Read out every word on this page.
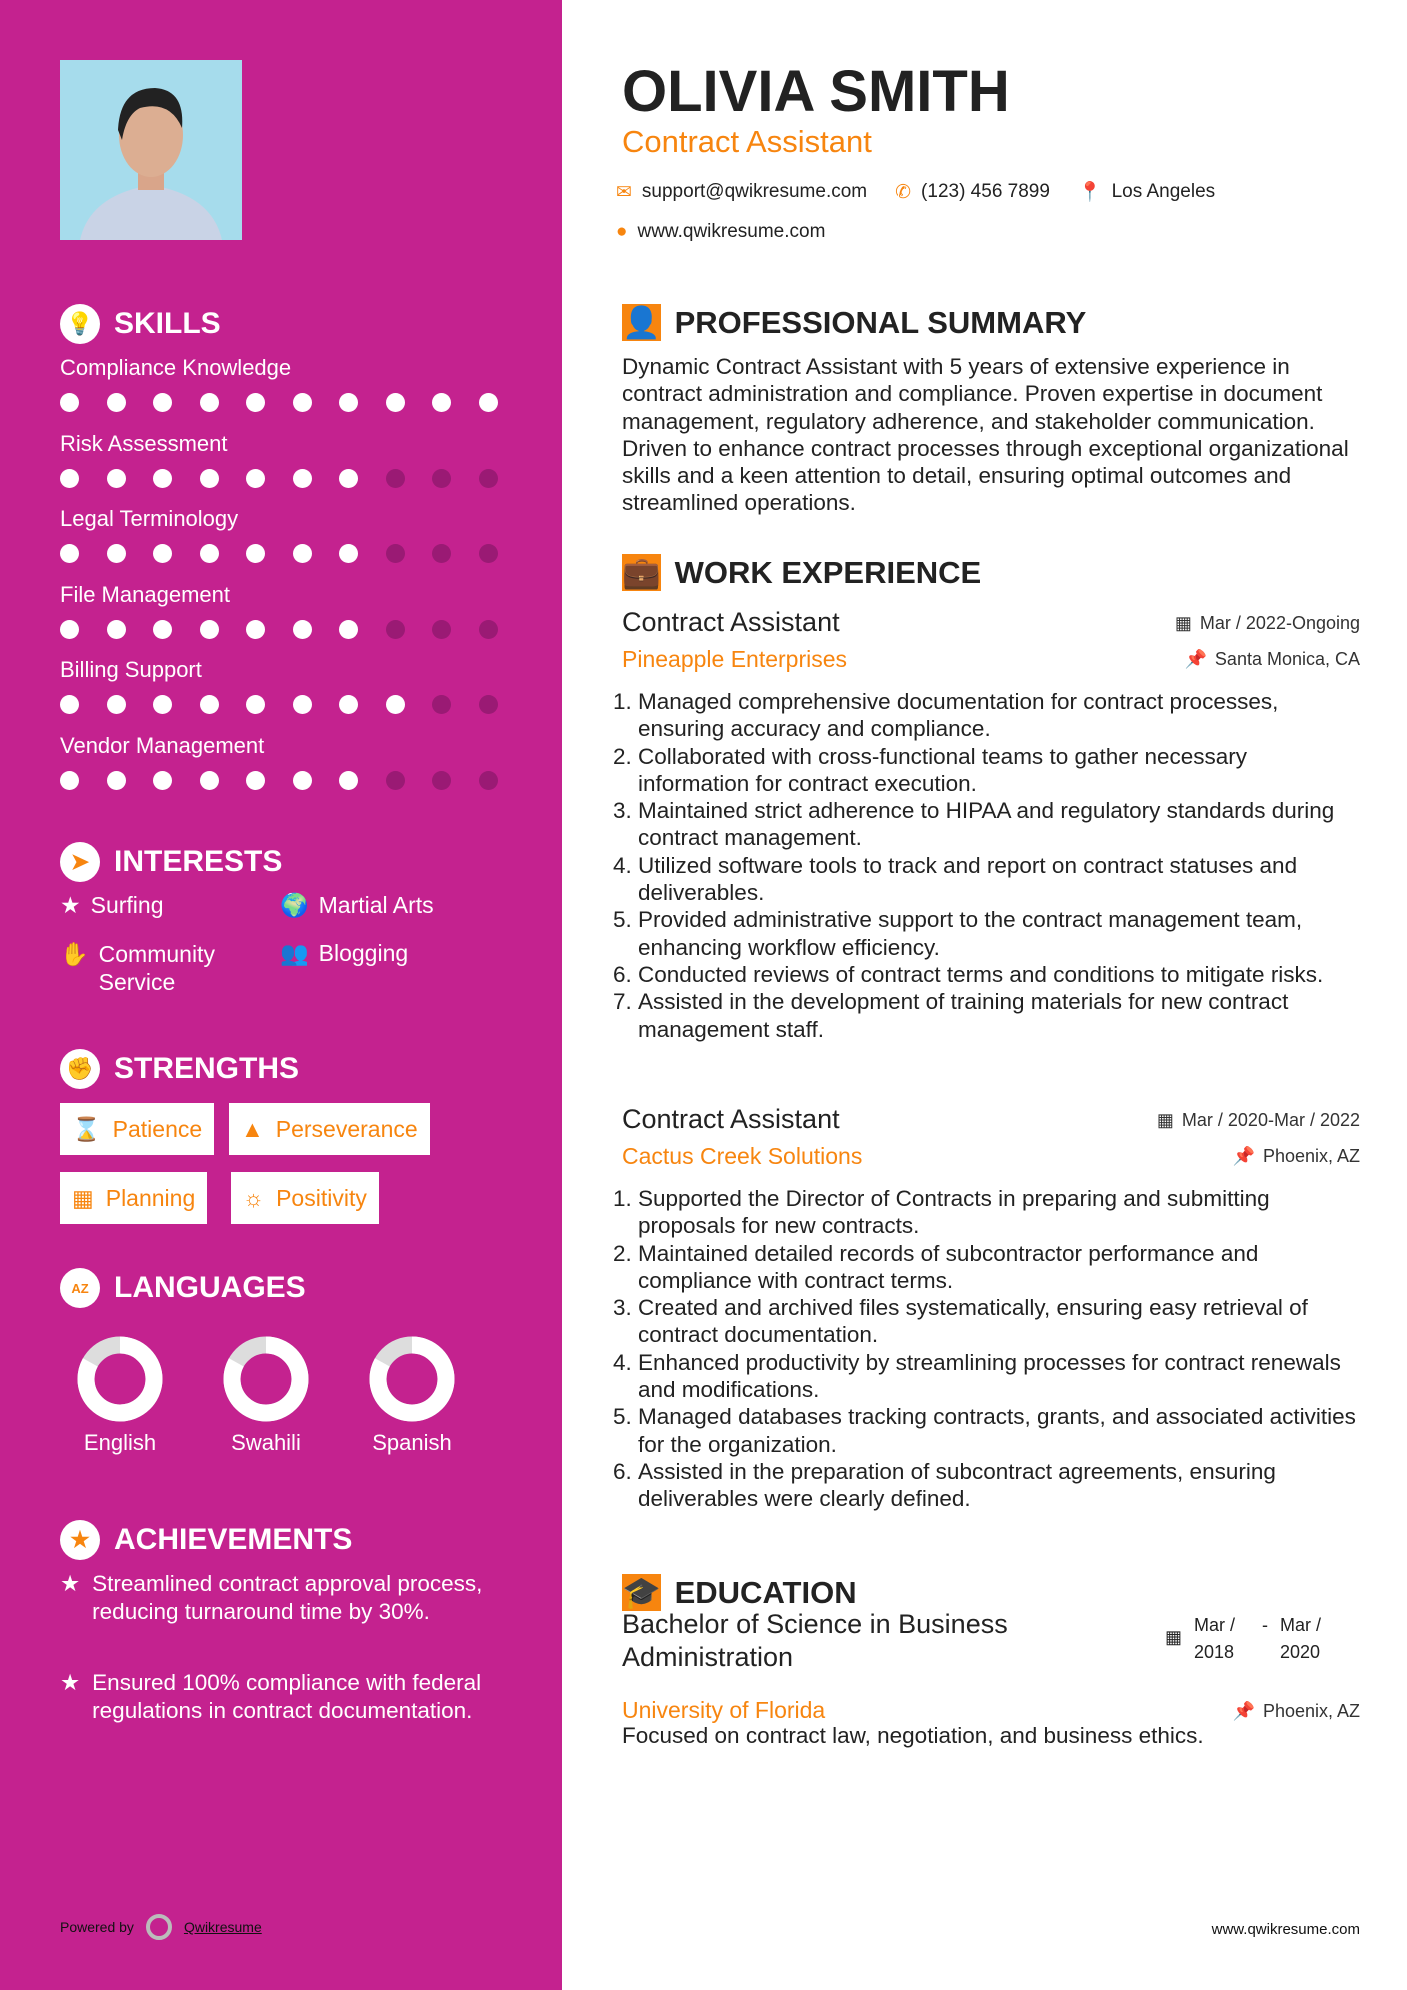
💡 SKILLS
Compliance Knowledge
Risk Assessment
Legal Terminology
File Management
Billing Support
Vendor Management
➤ INTERESTS
★ Surfing	🌍 Martial Arts
✋ Community Service
👥 Blogging
✊ STRENGTHS
⌛ Patience ▲ Perseverance
▦ Planning ☼ Positivity
AZ LANGUAGES
English	Swahili	Spanish
★ ACHIEVEMENTS
★ Streamlined contract approval process, reducing turnaround time by 30%.
★ Ensured 100% compliance with federal regulations in contract documentation.
Powered by	Qwikresume
OLIVIA SMITH
Contract Assistant
✉ support@qwikresume.com ✆ (123) 456 7899 📍 Los Angeles
● www.qwikresume.com
👤 PROFESSIONAL SUMMARY
Dynamic Contract Assistant with 5 years of extensive experience in contract administration and compliance. Proven expertise in document management, regulatory adherence, and stakeholder communication. Driven to enhance contract processes through exceptional organizational skills and a keen attention to detail, ensuring optimal outcomes and streamlined operations.
💼 WORK EXPERIENCE
Contract Assistant	▦ Mar / 2022-Ongoing
Pineapple Enterprises	📌 Santa Monica, CA
1. Managed comprehensive documentation for contract processes, ensuring accuracy and compliance.
2. Collaborated with cross-functional teams to gather necessary information for contract execution.
3. Maintained strict adherence to HIPAA and regulatory standards during contract management.
4. Utilized software tools to track and report on contract statuses and deliverables.
5. Provided administrative support to the contract management team, enhancing workflow efficiency.
6. Conducted reviews of contract terms and conditions to mitigate risks.
7. Assisted in the development of training materials for new contract management staff.
Contract Assistant	▦ Mar / 2020-Mar / 2022
Cactus Creek Solutions	📌 Phoenix, AZ
1. Supported the Director of Contracts in preparing and submitting proposals for new contracts.
2. Maintained detailed records of subcontractor performance and compliance with contract terms.
3. Created and archived files systematically, ensuring easy retrieval of contract documentation.
4. Enhanced productivity by streamlining processes for contract renewals and modifications.
5. Managed databases tracking contracts, grants, and associated activities for the organization.
6. Assisted in the preparation of subcontract agreements, ensuring deliverables were clearly defined.
🎓 EDUCATION
Bachelor of Science in Business Administration
▦
Mar / 2018
- Mar / 2020
University of Florida	📌 Phoenix, AZ
Focused on contract law, negotiation, and business ethics.
www.qwikresume.com
